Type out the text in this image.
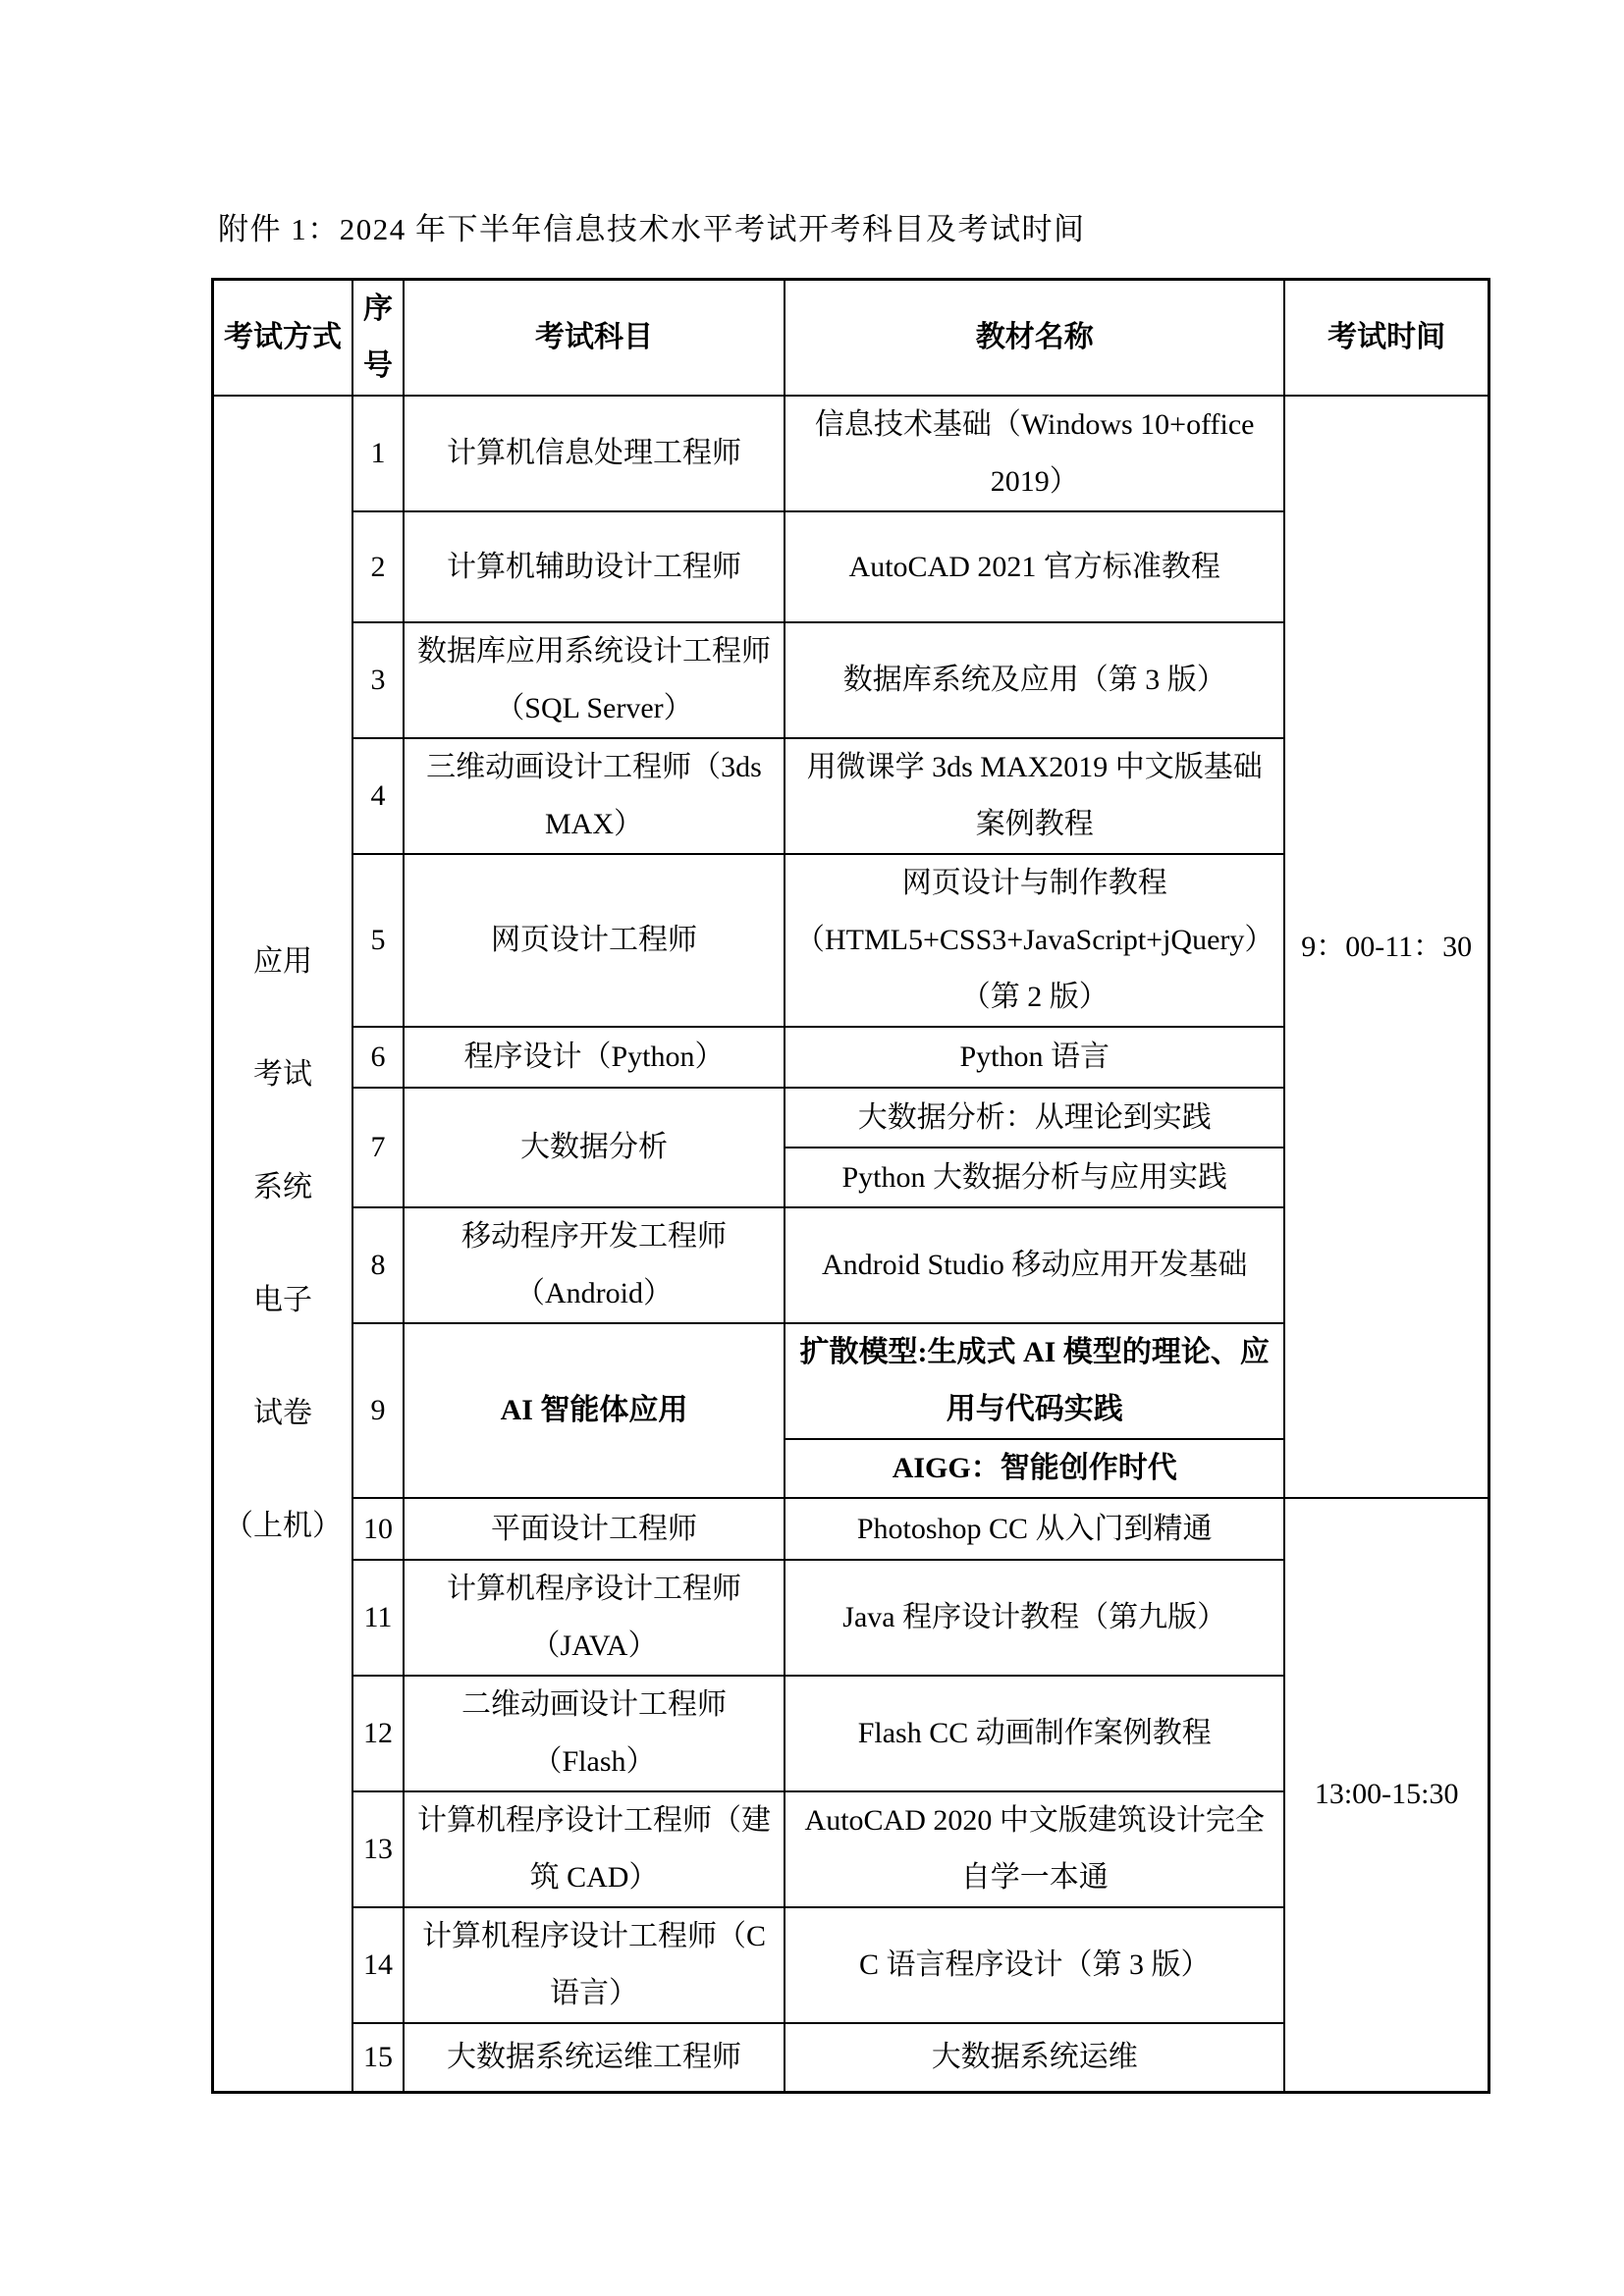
附件 1：2024 年下半年信息技术水平考试开考科目及考试时间
考试方式	序号	考试科目	教材名称	考试时间

应用
考试
系统
电子
试卷
（上机）
	1	计算机信息处理工程师	信息技术基础（Windows 10+office 2019）	9：00-11：30
	2	计算机辅助设计工程师	AutoCAD 2021 官方标准教程	
	3	数据库应用系统设计工程师（SQL Server）	数据库系统及应用（第 3 版）	
	4	三维动画设计工程师（3ds MAX）	用微课学 3ds MAX2019 中文版基础案例教程	
	5	网页设计工程师	网页设计与制作教程（HTML5+CSS3+JavaScript+jQuery）（第 2 版）	
	6	程序设计（Python）	Python 语言	
	7	大数据分析	大数据分析：从理论到实践	
			Python 大数据分析与应用实践	
	8	移动程序开发工程师（Android）	Android Studio 移动应用开发基础	
	9	AI 智能体应用	扩散模型:生成式 AI 模型的理论、应用与代码实践	
			AIGG：智能创作时代	
	10	平面设计工程师	Photoshop CC 从入门到精通	13:00-15:30
	11	计算机程序设计工程师（JAVA）	Java 程序设计教程（第九版）	
	12	二维动画设计工程师（Flash）	Flash CC 动画制作案例教程	
	13	计算机程序设计工程师（建筑 CAD）	AutoCAD 2020 中文版建筑设计完全自学一本通	
	14	计算机程序设计工程师（C 语言）	C 语言程序设计（第 3 版）	
	15	大数据系统运维工程师	大数据系统运维	
